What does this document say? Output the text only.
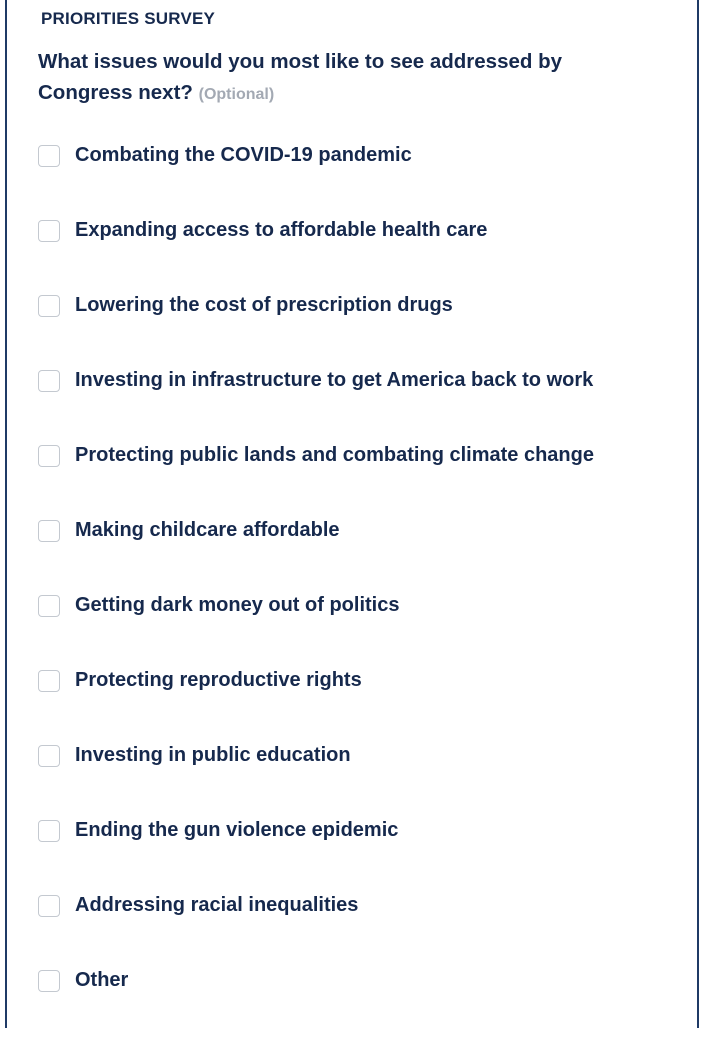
PRIORITIES SURVEY
What issues would you most like to see addressed by Congress next? (Optional)
Combating the COVID-19 pandemic
Expanding access to affordable health care
Lowering the cost of prescription drugs
Investing in infrastructure to get America back to work
Protecting public lands and combating climate change
Making childcare affordable
Getting dark money out of politics
Protecting reproductive rights
Investing in public education
Ending the gun violence epidemic
Addressing racial inequalities
Other
